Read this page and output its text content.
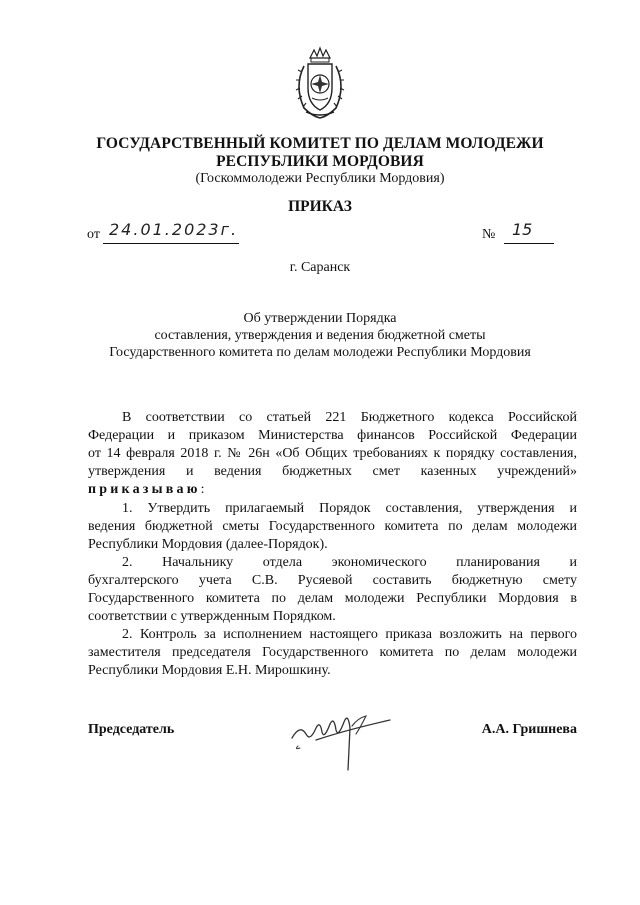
ГОСУДАРСТВЕННЫЙ КОМИТЕТ ПО ДЕЛАМ МОЛОДЕЖИ
РЕСПУБЛИКИ МОРДОВИЯ
(Госкоммолодежи Республики Мордовия)
ПРИКАЗ
от 24.01.2023г.	№ 15
г. Саранск
Об утверждении Порядка
составления, утверждения и ведения бюджетной сметы
Государственного комитета по делам молодежи Республики Мордовия
В соответствии со статьей 221 Бюджетного кодекса Российской
Федерации и приказом Министерства финансов Российской Федерации
от 14 февраля 2018 г. № 26н «Об Общих требованиях к порядку составления,
утверждения и ведения бюджетных смет казенных учреждений»
приказываю:
1. Утвердить прилагаемый Порядок составления, утверждения и
ведения бюджетной сметы Государственного комитета по делам молодежи
Республики Мордовия (далее-Порядок).
2. Начальнику отдела экономического планирования и
бухгалтерского учета С.В. Русяевой составить бюджетную смету
Государственного комитета по делам молодежи Республики Мордовия в
соответствии с утвержденным Порядком.
2. Контроль за исполнением настоящего приказа возложить на первого
заместителя председателя Государственного комитета по делам молодежи
Республики Мордовия Е.Н. Мирошкину.
Председатель	А.А. Гришнева
